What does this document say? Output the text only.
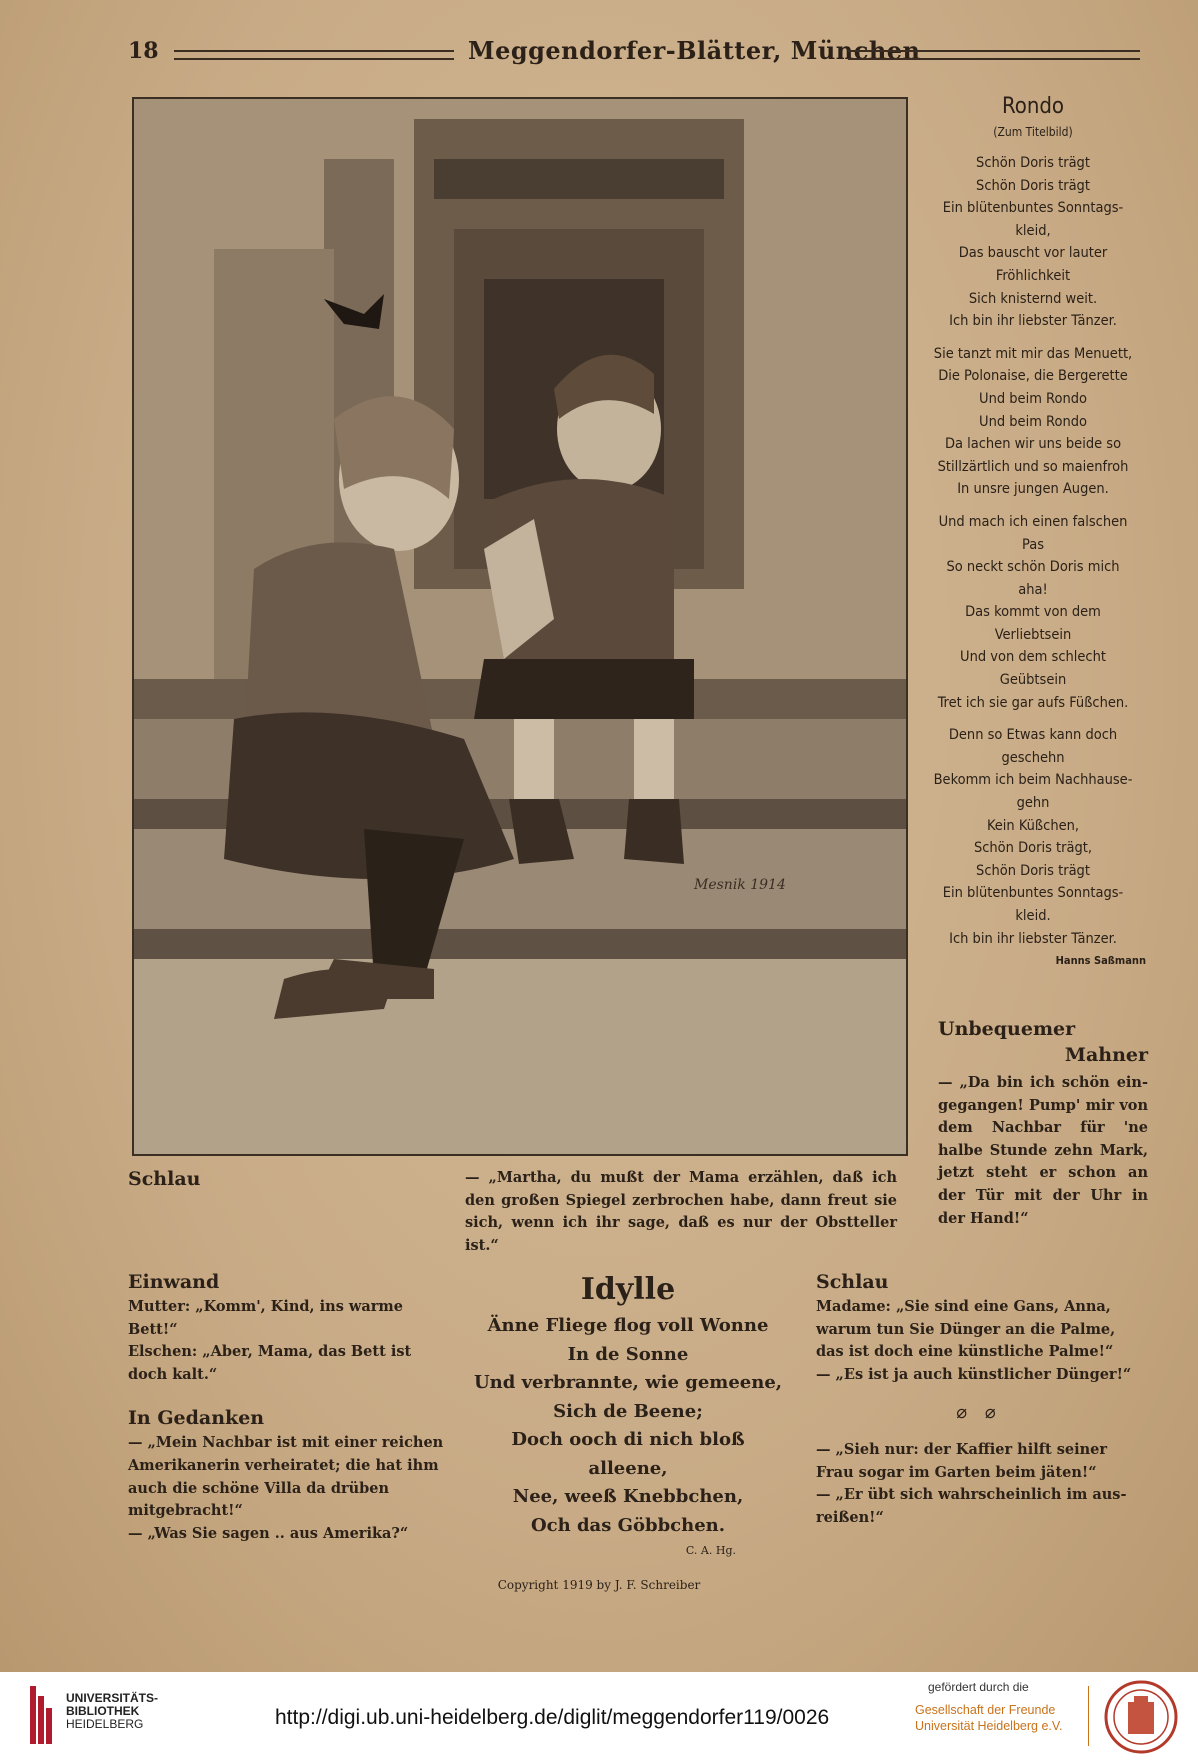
18	Meggendorfer-Blätter, München
Mesnik 1914
Rondo
(Zum Titelbild)
Schön Doris trägt
Schön Doris trägt
Ein blütenbuntes Sonntags-
kleid,
Das bauscht vor lauter
Fröhlichkeit
Sich knisternd weit.
Ich bin ihr liebster Tänzer.
Sie tanzt mit mir das Menuett,
Die Polonaise, die Bergerette
Und beim Rondo
Und beim Rondo
Da lachen wir uns beide so
Stillzärtlich und so maienfroh
In unsre jungen Augen.
Und mach ich einen falschen
Pas
So neckt schön Doris mich
aha!
Das kommt von dem
Verliebtsein
Und von dem schlecht
Geübtsein
Tret ich sie gar aufs Füßchen.
Denn so Etwas kann doch
geschehn
Bekomm ich beim Nachhause-
gehn
Kein Küßchen,
Schön Doris trägt,
Schön Doris trägt
Ein blütenbuntes Sonntags-
kleid.
Ich bin ihr liebster Tänzer.
Hanns Saßmann
Unbequemer
Mahner
— „Da bin ich schön ein-gegangen! Pump' mir von dem Nachbar für 'ne halbe Stunde zehn Mark, jetzt steht er schon an der Tür mit der Uhr in der Hand!“
Schlau	— „Martha, du mußt der Mama erzählen, daß ich den großen Spiegel zerbrochen habe, dann freut sie sich, wenn ich ihr sage, daß es nur der Obstteller ist.“
Einwand

Mutter: „Komm', Kind, ins warme Bett!“

Elschen: „Aber, Mama, das Bett ist doch kalt.“

In Gedanken

— „Mein Nachbar ist mit einer reichen Amerikanerin verheiratet; die hat ihm auch die schöne Villa da drüben mitgebracht!“

— „Was Sie sagen .. aus Amerika?“

Idylle
Änne Fliege flog voll Wonne
In de Sonne
Und verbrannte, wie gemeene,
Sich de Beene;
Doch ooch di nich bloß alleene,
Nee, weeß Knebbchen,
Och das Göbbchen.
C. A. Hg.
Schlau

Madame: „Sie sind eine Gans, Anna, warum tun Sie Dünger an die Palme, das ist doch eine künstliche Palme!“

— „Es ist ja auch künstlicher Dünger!“

⌀ ⌀

— „Sieh nur: der Kaffier hilft seiner Frau sogar im Garten beim jäten!“

— „Er übt sich wahrscheinlich im aus-reißen!“

Copyright 1919 by J. F. Schreiber
UNIVERSITÄTS-
BIBLIOTHEK
HEIDELBERG	http://digi.ub.uni-heidelberg.de/diglit/meggendorfer119/0026
gefördert durch die
Gesellschaft der Freunde
Universität Heidelberg e.V.
